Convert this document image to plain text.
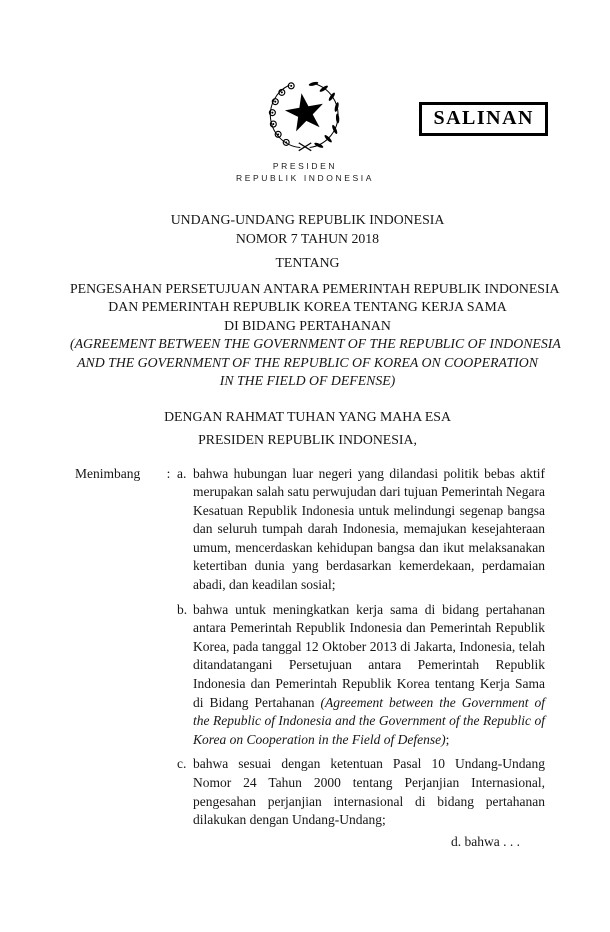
SALINAN
PRESIDEN
REPUBLIK INDONESIA
UNDANG-UNDANG REPUBLIK INDONESIA
NOMOR 7 TAHUN 2018
TENTANG
PENGESAHAN PERSETUJUAN ANTARA PEMERINTAH REPUBLIK INDONESIA
DAN PEMERINTAH REPUBLIK KOREA TENTANG KERJA SAMA
DI BIDANG PERTAHANAN
(AGREEMENT BETWEEN THE GOVERNMENT OF THE REPUBLIC OF INDONESIA
AND THE GOVERNMENT OF THE REPUBLIC OF KOREA ON COOPERATION
IN THE FIELD OF DEFENSE)
DENGAN RAHMAT TUHAN YANG MAHA ESA
PRESIDEN REPUBLIK INDONESIA,
Menimbang	: a. bahwa hubungan luar negeri yang dilandasi politik bebas aktif merupakan salah satu perwujudan dari tujuan Pemerintah Negara Kesatuan Republik Indonesia untuk melindungi segenap bangsa dan seluruh tumpah darah Indonesia, memajukan kesejahteraan umum, mencerdaskan kehidupan bangsa dan ikut melaksanakan ketertiban dunia yang berdasarkan kemerdekaan, perdamaian abadi, dan keadilan sosial;
b. bahwa untuk meningkatkan kerja sama di bidang pertahanan antara Pemerintah Republik Indonesia dan Pemerintah Republik Korea, pada tanggal 12 Oktober 2013 di Jakarta, Indonesia, telah ditandatangani Persetujuan antara Pemerintah Republik Indonesia dan Pemerintah Republik Korea tentang Kerja Sama di Bidang Pertahanan (Agreement between the Government of the Republic of Indonesia and the Government of the Republic of Korea on Cooperation in the Field of Defense);
c. bahwa sesuai dengan ketentuan Pasal 10 Undang-Undang Nomor 24 Tahun 2000 tentang Perjanjian Internasional, pengesahan perjanjian internasional di bidang pertahanan dilakukan dengan Undang-Undang;
d. bahwa . . .
